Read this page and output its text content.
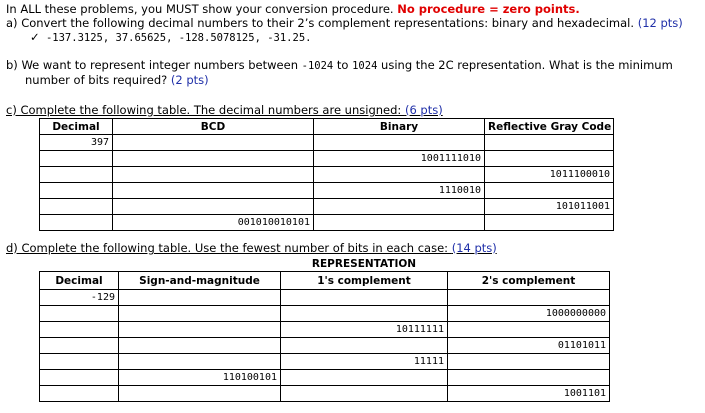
In ALL these problems, you MUST show your conversion procedure. No procedure = zero points.
a) Convert the following decimal numbers to their 2’s complement representations: binary and hexadecimal. (12 pts)
✓ -137.3125, 37.65625, -128.5078125, -31.25.
b) We want to represent integer numbers between -1024 to 1024 using the 2C representation. What is the minimum
number of bits required? (2 pts)
c) Complete the following table. The decimal numbers are unsigned: (6 pts)
Decimal	BCD	Binary	Reflective Gray Code
397			
		1001111010	
			1011100010
		1110010	
			101011001
	001010010101		
d) Complete the following table. Use the fewest number of bits in each case: (14 pts)
	REPRESENTATION		
Decimal	Sign-and-magnitude	1's complement	2's complement
-129			
			1000000000
		10111111	
			01101011
		11111	
	110100101		
			1001101
